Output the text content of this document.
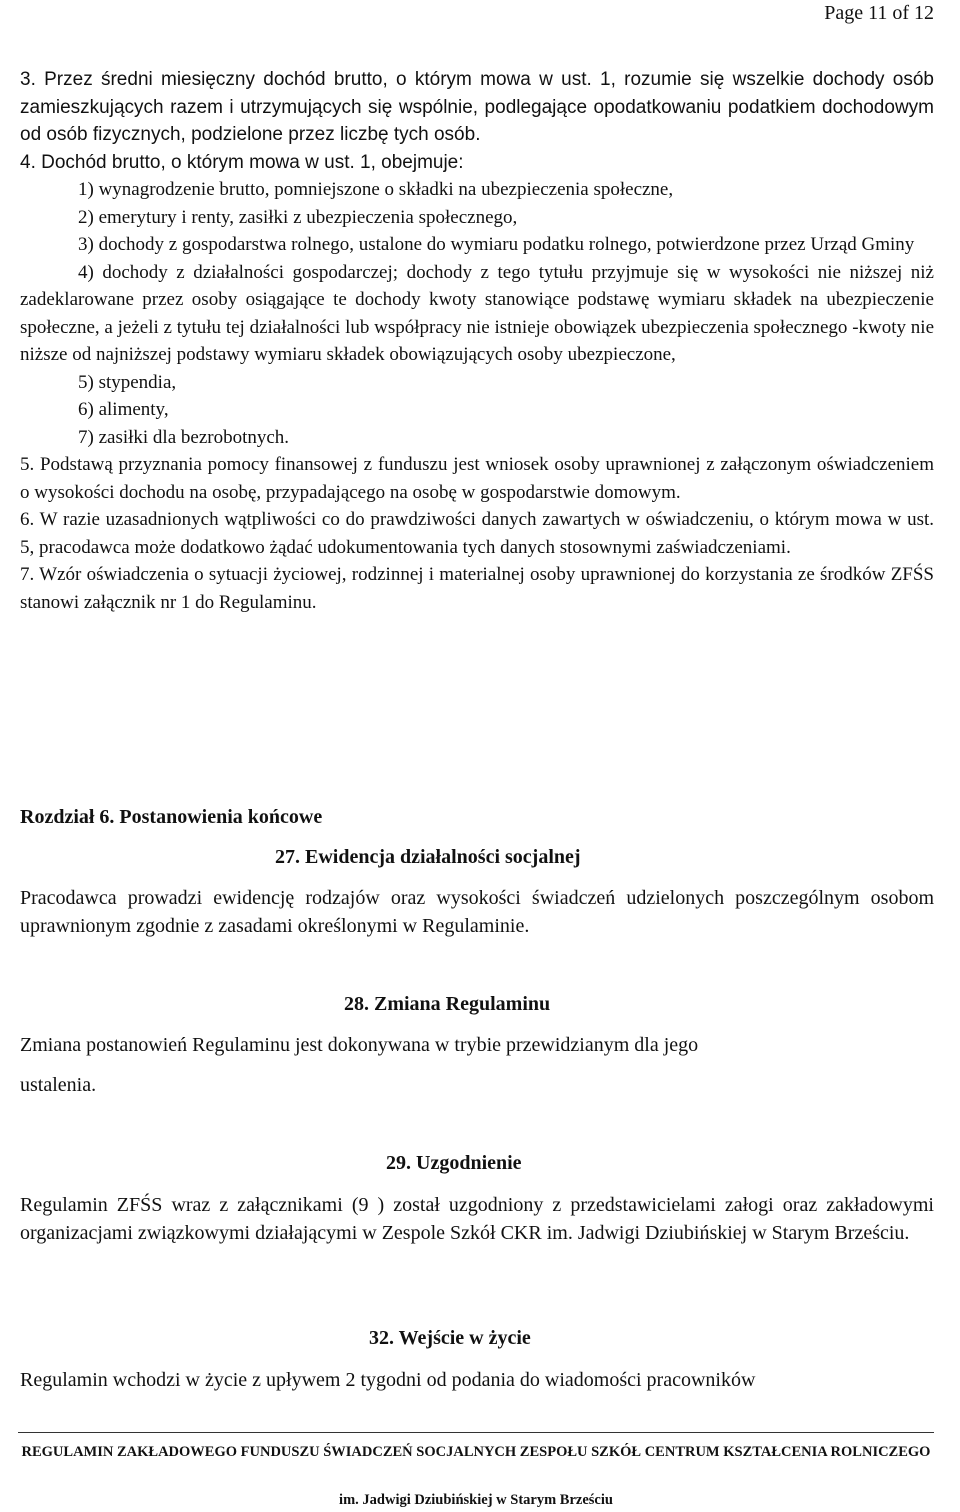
Page 11 of 12

3. Przez średni miesięczny dochód brutto, o którym mowa w ust. 1, rozumie się wszelkie dochody osób zamieszkujących razem i utrzymujących się wspólnie, podlegające opodatkowaniu podatkiem dochodowym od osób fizycznych, podzielone przez liczbę tych osób.

4. Dochód brutto, o którym mowa w ust. 1, obejmuje:

1) wynagrodzenie brutto, pomniejszone o składki na ubezpieczenia społeczne,

2) emerytury i renty, zasiłki z ubezpieczenia społecznego,

3) dochody z gospodarstwa rolnego, ustalone do wymiaru podatku rolnego, potwierdzone przez Urząd Gminy

4) dochody z działalności gospodarczej; dochody z tego tytułu przyjmuje się w wysokości nie niższej niż zadeklarowane przez osoby osiągające te dochody kwoty stanowiące podstawę wymiaru składek na ubezpieczenie społeczne, a jeżeli z tytułu tej działalności lub współpracy nie istnieje obowiązek ubezpieczenia społecznego -kwoty nie niższe od najniższej podstawy wymiaru składek obowiązujących osoby ubezpieczone,

5) stypendia,

6) alimenty,

7) zasiłki dla bezrobotnych.

5. Podstawą przyznania pomocy finansowej z funduszu jest wniosek osoby uprawnionej z załączonym oświadczeniem o wysokości dochodu na osobę, przypadającego na osobę w gospodarstwie domowym.

6. W razie uzasadnionych wątpliwości co do prawdziwości danych zawartych w oświadczeniu, o którym mowa w ust. 5, pracodawca może dodatkowo żądać udokumentowania tych danych stosownymi zaświadczeniami.

7. Wzór oświadczenia o sytuacji życiowej, rodzinnej i materialnej osoby uprawnionej do korzystania ze środków ZFŚS stanowi załącznik nr 1 do Regulaminu.

Rozdział 6. Postanowienia końcowe

27. Ewidencja działalności socjalnej

Pracodawca prowadzi ewidencję rodzajów oraz wysokości świadczeń udzielonych poszczególnym osobom uprawnionym zgodnie z zasadami określonymi w Regulaminie.

28. Zmiana Regulaminu

Zmiana postanowień Regulaminu jest dokonywana w trybie przewidzianym dla jego

ustalenia.

29. Uzgodnienie

Regulamin ZFŚS wraz z załącznikami (9 ) został uzgodniony z przedstawicielami załogi oraz zakładowymi organizacjami związkowymi działającymi w Zespole Szkół CKR im. Jadwigi Dziubińskiej w Starym Brześciu.

32. Wejście w życie

Regulamin wchodzi w życie z upływem 2 tygodni od podania do wiadomości pracowników

REGULAMIN ZAKŁADOWEGO FUNDUSZU ŚWIADCZEŃ SOCJALNYCH ZESPOŁU SZKÓŁ CENTRUM KSZTAŁCENIA ROLNICZEGO
im. Jadwigi Dziubińskiej w Starym Brześciu
